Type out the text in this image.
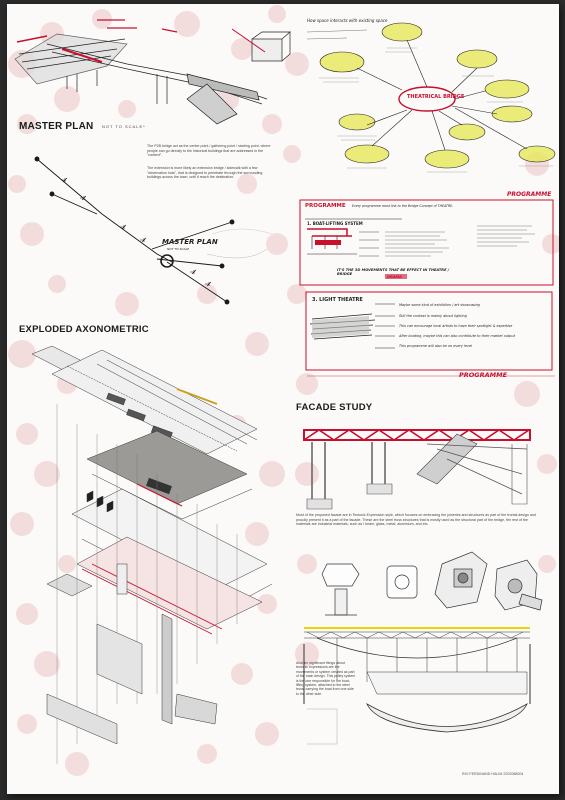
MASTER PLAN NOT TO SCALE*
The P2B bridge act as the center point / gathering point / starting point, where people can go directly to the historical buildings that are addressed in the "context".
The extension is more likely an extension bridge / sidewalk with a few "observation huts", that is designed to penetrate through the surrounding buildings across the town, until it reach the destination.
MASTER PLAN
NOT TO SCALE
EXPLODED AXONOMETRIC
How space interacts with existing space
THEATRICAL BRIDGE
PROGRAMME
PROGRAMME Every programme must link to the Bridge Concept of THEATRE.
1. BOAT-LIFTING SYSTEM
IT'S THE 3D MOVEMENTS THAT BE EFFECT IN THEATRE / BRIDGE
DRAMA
3. LIGHT THEATRE
Maybe some kind of exhibition / art showcasing
Still the context is mainly about lighting
This can encourage local artists to have their spotlight & expertise
After boating, maybe this can also contribute to their market output
This programme will also be on every level
PROGRAMME
FACADE STUDY
Most of the proposed facade are in Tectonic Expression style, which focuses on embracing the joineries and structures as part of the frontal design and proudly present it as a part of the facade. These are the steel truss structures that is mostly used as the structural part of the bridge, the rest of the materials are industrial materials, such as I beam, glass, metal, aluminium, and etc.
Another significant things about tectonic expressions are the movements or system created as part of the main design. This pulley system is the one responsible for the boat-lifting system, attached to the steel truss, carrying the boat from one side to the other side.
RIO FERDINAND HALIM 2202088004
